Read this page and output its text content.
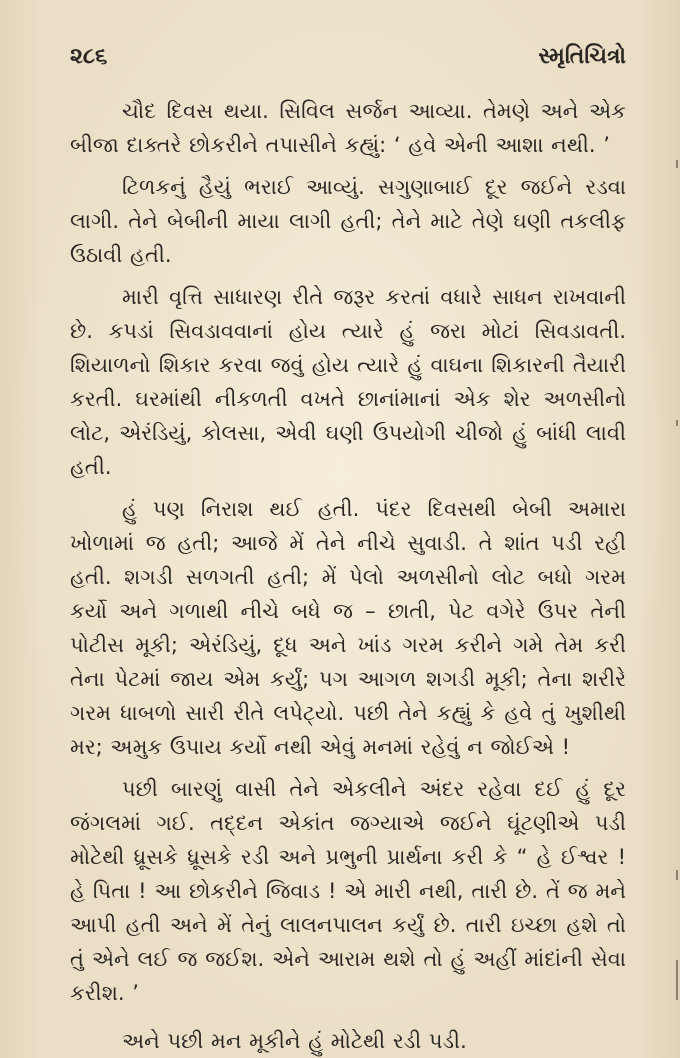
૨૮૬	સ્મૃતિચિત્રો

ચૌદ દિવસ થયા. સિવિલ સર્જન આવ્યા. તેમણે અને એક બીજા દાક્તરે છોકરીને તપાસીને કહ્યું: ‘ હવે એની આશા નથી. ’

ટિળકનું હૈયું ભરાઈ આવ્યું. સગુણાબાઈ દૂર જઈને રડવા લાગી. તેને બેબીની માયા લાગી હતી; તેને માટે તેણે ઘણી તકલીફ ઉઠાવી હતી.

મારી વૃત્તિ સાધારણ રીતે જરૂર કરતાં વધારે સાધન રાખવાની છે. કપડાં સિવડાવવાનાં હોય ત્યારે હું જરા મોટાં સિવડાવતી. શિયાળનો શિકાર કરવા જવું હોય ત્યારે હું વાઘના શિકારની તૈયારી કરતી. ઘરમાંથી નીકળતી વખતે છાનાંમાનાં એક શેર અળસીનો લોટ, એરંડિયું, કોલસા, એવી ઘણી ઉપયોગી ચીજો હું બાંધી લાવી હતી.

હું પણ નિરાશ થઈ હતી. પંદર દિવસથી બેબી અમારા ખોળામાં જ હતી; આજે મેં તેને નીચે સુવાડી. તે શાંત પડી રહી હતી. શગડી સળગતી હતી; મેં પેલો અળસીનો લોટ બધો ગરમ કર્યો અને ગળાથી નીચે બધે જ – છાતી, પેટ વગેરે ઉપર તેની પોટીસ મૂકી; એરંડિયું, દૂધ અને ખાંડ ગરમ કરીને ગમે તેમ કરી તેના પેટમાં જાય એમ કર્યું; પગ આગળ શગડી મૂકી; તેના શરીરે ગરમ ધાબળો સારી રીતે લપેટ્યો. પછી તેને કહ્યું કે હવે તું ખુશીથી મર; અમુક ઉપાય કર્યો નથી એવું મનમાં રહેવું ન જોઈએ !

પછી બારણું વાસી તેને એકલીને અંદર રહેવા દઈ હું દૂર જંગલમાં ગઈ. તદ્દન એકાંત જગ્યાએ જઈને ઘૂંટણીએ પડી મોટેથી ધ્રૂસકે ધ્રૂસકે રડી અને પ્રભુની પ્રાર્થના કરી કે “ હે ઈશ્વર ! હે પિતા ! આ છોકરીને જિવાડ ! એ મારી નથી, તારી છે. તેં જ મને આપી હતી અને મેં તેનું લાલનપાલન કર્યું છે. તારી ઇચ્છા હશે તો તું એને લઈ જ જઈશ. એને આરામ થશે તો હું અહીં માંદાંની સેવા કરીશ. ’

અને પછી મન મૂકીને હું મોટેથી રડી પડી.
